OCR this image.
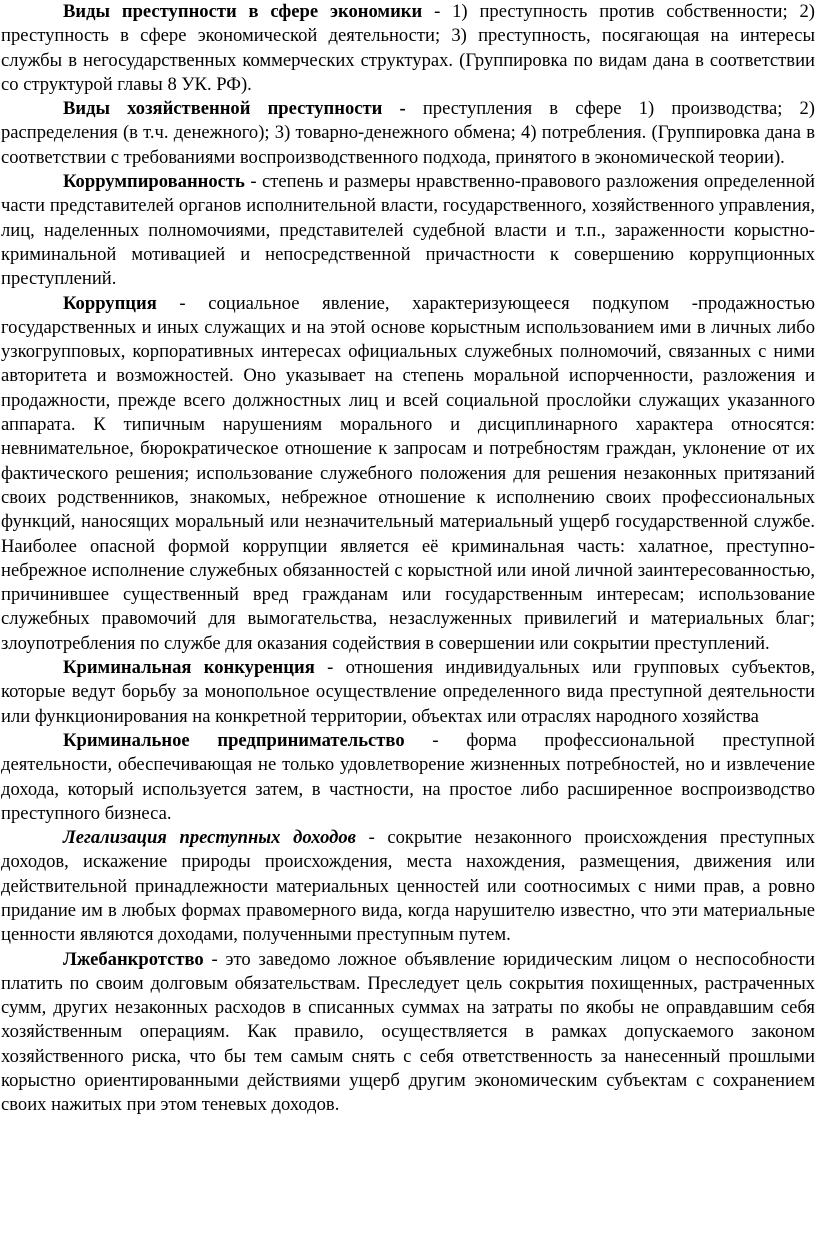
Виды преступности в сфере экономики - 1) преступность против собственности; 2) преступность в сфере экономической деятельности; 3) преступность, посягающая на интересы службы в негосударственных коммерческих структурах. (Группировка по видам дана в соответствии со структурой главы 8 УК. РФ).

Виды хозяйственной преступности - преступления в сфере 1) производства; 2) распределения (в т.ч. денежного); 3) товарно-денежного обмена; 4) потребления. (Группировка дана в соответствии с требованиями воспроизводственного подхода, принятого в экономической теории).

Коррумпированность - степень и размеры нравственно-правового разложения определенной части представителей органов исполнительной власти, государственного, хозяйственного управления, лиц, наделенных полномочиями, представителей судебной власти и т.п., зараженности корыстно-криминальной мотивацией и непосредственной причастности к совершению коррупционных преступлений.

Коррупция - социальное явление, характеризующееся подкупом -продажностью государственных и иных служащих и на этой основе корыстным использованием ими в личных либо узкогрупповых, корпоративных интересах официальных служебных полномочий, связанных с ними авторитета и возможностей. Оно указывает на степень моральной испорченности, разложения и продажности, прежде всего должностных лиц и всей социальной прослойки служащих указанного аппарата. К типичным нарушениям морального и дисциплинарного характера относятся: невнимательное, бюрократическое отношение к запросам и потребностям граждан, уклонение от их фактического решения; использование служебного положения для решения незаконных притязаний своих родственников, знакомых, небрежное отношение к исполнению своих профессиональных функций, наносящих моральный или незначительный материальный ущерб государственной службе. Наиболее опасной формой коррупции является её криминальная часть: халатное, преступно-небрежное исполнение служебных обязанностей с корыстной или иной личной заинтересованностью, причинившее существенный вред гражданам или государственным интересам; использование служебных правомочий для вымогательства, незаслуженных привилегий и материальных благ; злоупотребления по службе для оказания содействия в совершении или сокрытии преступлений.

Криминальная конкуренция - отношения индивидуальных или групповых субъектов, которые ведут борьбу за монопольное осуществление определенного вида преступной деятельности или функционирования на конкретной территории, объектах или отраслях народного хозяйства

Криминальное предпринимательство - форма профессиональной преступной деятельности, обеспечивающая не только удовлетворение жизненных потребностей, но и извлечение дохода, который используется затем, в частности, на простое либо расширенное воспроизводство преступного бизнеса.

Легализация преступных доходов - сокрытие незаконного происхождения преступных доходов, искажение природы происхождения, места нахождения, размещения, движения или действительной принадлежности материальных ценностей или соотносимых с ними прав, а ровно придание им в любых формах правомерного вида, когда нарушителю известно, что эти материальные ценности являются доходами, полученными преступным путем.

Лжебанкротство - это заведомо ложное объявление юридическим лицом о неспособности платить по своим долговым обязательствам. Преследует цель сокрытия похищенных, растраченных сумм, других незаконных расходов в списанных суммах на затраты по якобы не оправдавшим себя хозяйственным операциям. Как правило, осуществляется в рамках допускаемого законом хозяйственного риска, что бы тем самым снять с себя ответственность за нанесенный прошлыми корыстно ориентированными действиями ущерб другим экономическим субъектам с сохранением своих нажитых при этом теневых доходов.
